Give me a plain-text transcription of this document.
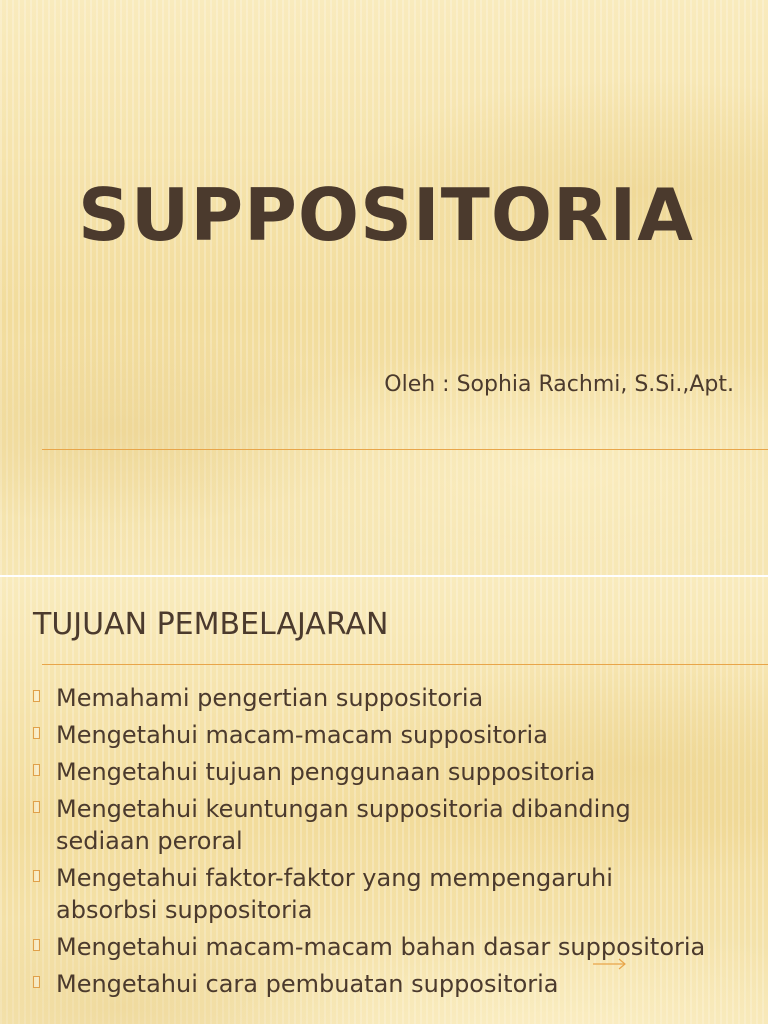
SUPPOSITORIA
Oleh : Sophia Rachmi, S.Si.,Apt.
TUJUAN PEMBELAJARAN
Memahami pengertian suppositoria
Mengetahui macam-macam suppositoria
Mengetahui tujuan penggunaan suppositoria
Mengetahui keuntungan suppositoria dibanding sediaan peroral
Mengetahui faktor-faktor yang mempengaruhi absorbsi suppositoria
Mengetahui macam-macam bahan dasar suppositoria
Mengetahui cara pembuatan suppositoria
